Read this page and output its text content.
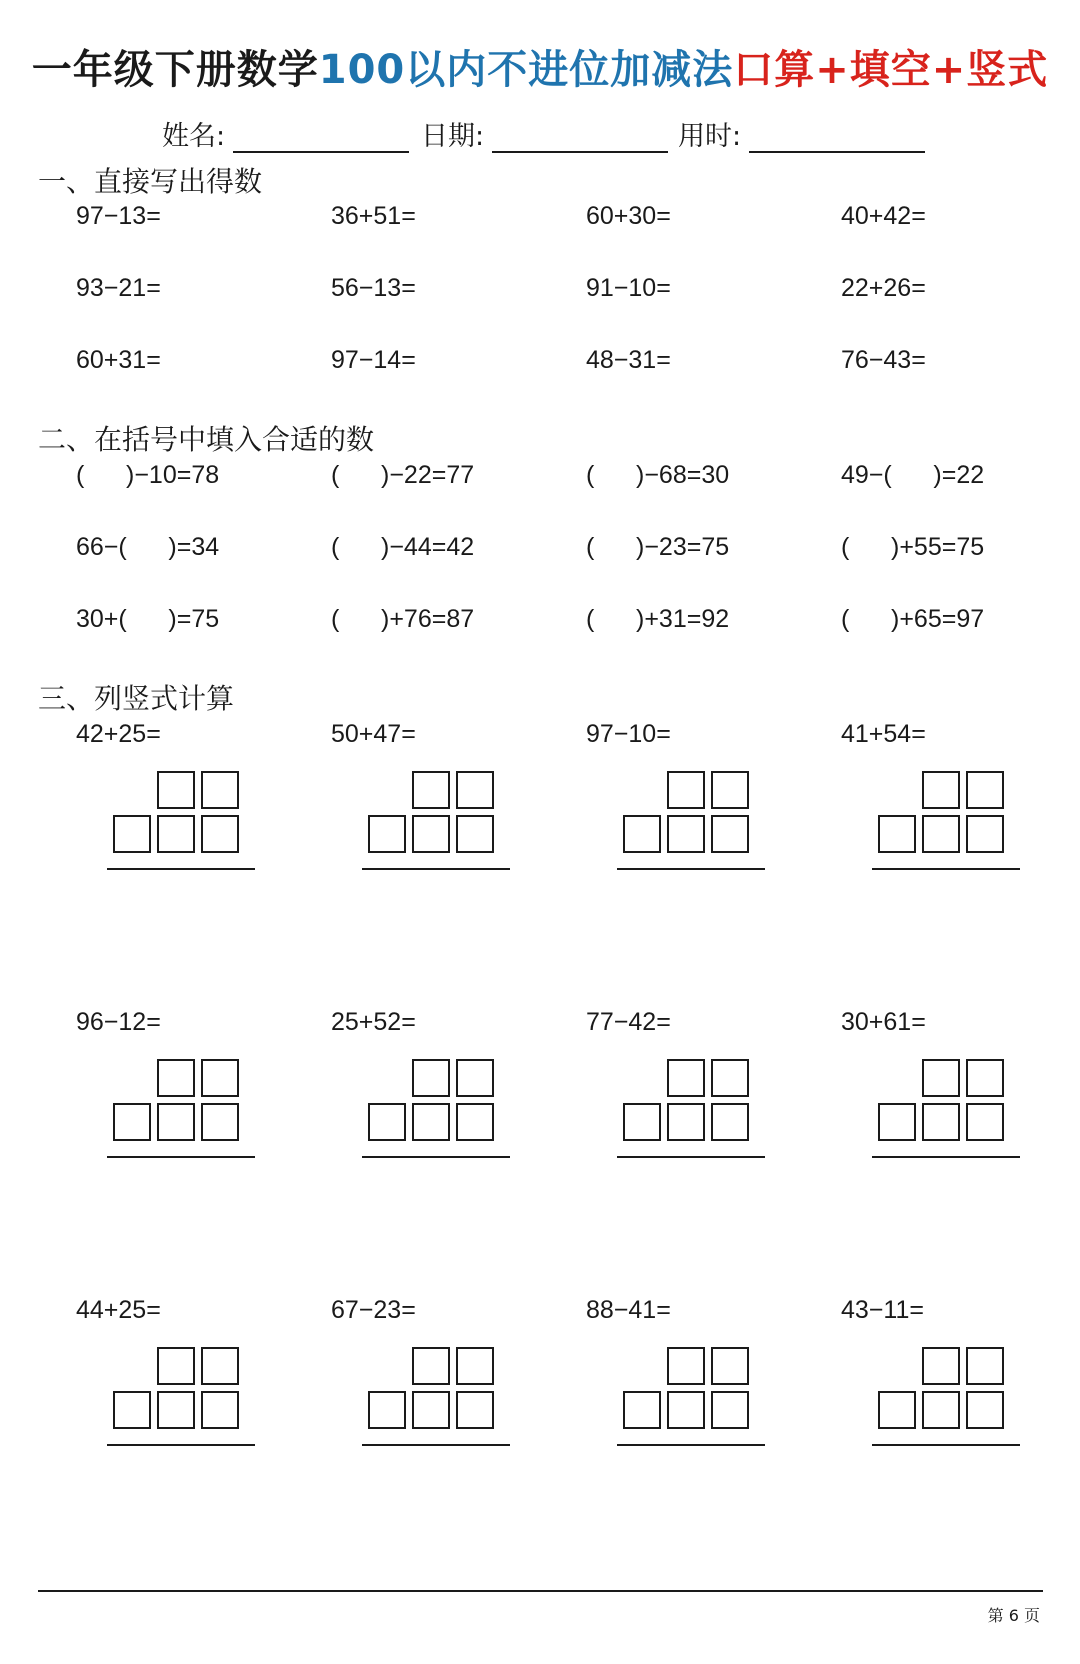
一年级下册数学100以内不进位加减法口算+填空+竖式
姓名:	日期:	用时:
一、直接写出得数
二、在括号中填入合适的数
三、列竖式计算
97−13=	36+51=	60+30=	40+42=
93−21=	56−13=	91−10=	22+26=
60+31=	97−14=	48−31=	76−43=
(      )−10=78	(      )−22=77	(      )−68=30	49−(      )=22
66−(      )=34	(      )−44=42	(      )−23=75	(      )+55=75
30+(      )=75	(      )+76=87	(      )+31=92	(      )+65=97
42+25=	50+47=	97−10=	41+54=
96−12=	25+52=	77−42=	30+61=
44+25=	67−23=	88−41=	43−11=
第 6 页
